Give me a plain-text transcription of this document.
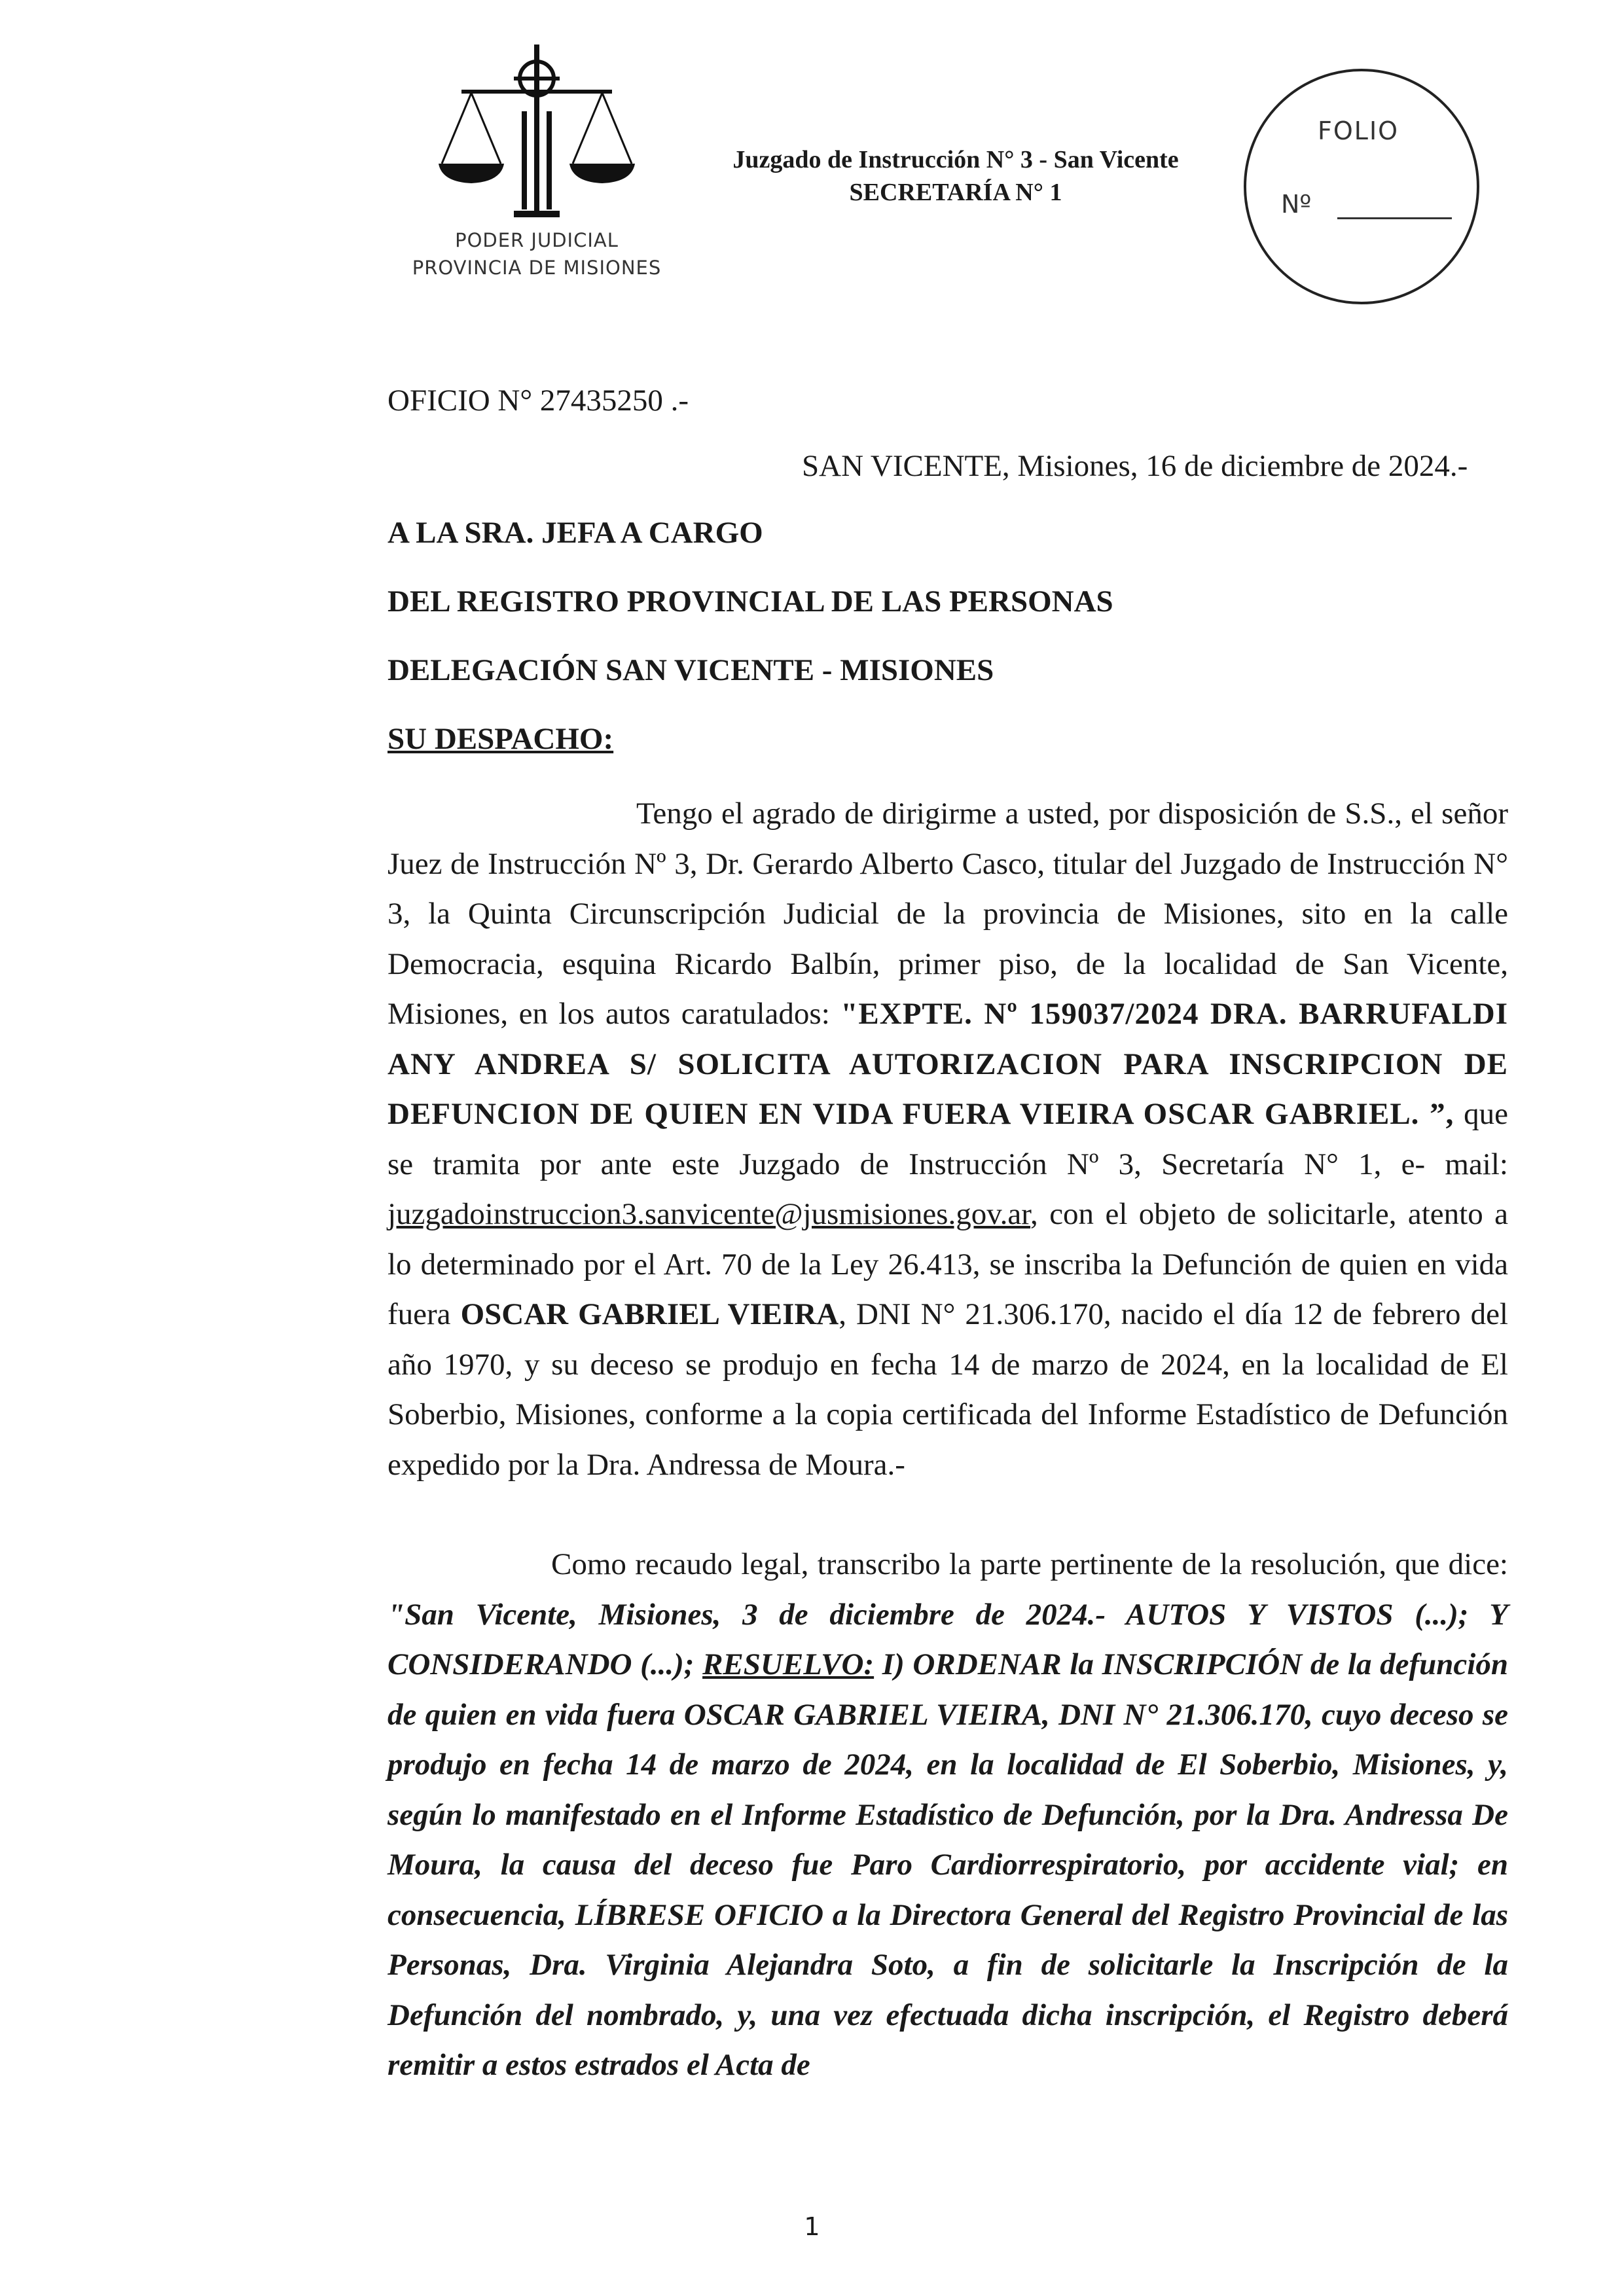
PODER JUDICIAL
PROVINCIA DE MISIONES
Juzgado de Instrucción N° 3 - San Vicente
SECRETARÍA N° 1
FOLIO
Nº
OFICIO N° 27435250 .-
SAN VICENTE, Misiones, 16 de diciembre de 2024.-
A LA SRA. JEFA A CARGO
DEL REGISTRO PROVINCIAL DE LAS PERSONAS
DELEGACIÓN SAN VICENTE - MISIONES
SU DESPACHO:

Tengo el agrado de dirigirme a usted, por disposición de S.S., el señor Juez de Instrucción Nº 3, Dr. Gerardo Alberto Casco, titular del Juzgado de Instrucción N° 3, la Quinta Circunscripción Judicial de la provincia de Misiones, sito en la calle Democracia, esquina Ricardo Balbín, primer piso, de la localidad de San Vicente, Misiones, en los autos caratulados: "EXPTE. Nº 159037/2024 DRA. BARRUFALDI ANY ANDREA S/ SOLICITA AUTORIZACION PARA INSCRIPCION DE DEFUNCION DE QUIEN EN VIDA FUERA VIEIRA OSCAR GABRIEL. ”, que se tramita por ante este Juzgado de Instrucción Nº 3, Secretaría N° 1, e- mail: juzgadoinstruccion3.sanvicente@jusmisiones.gov.ar, con el objeto de solicitarle, atento a lo determinado por el Art. 70 de la Ley 26.413, se inscriba la Defunción de quien en vida fuera OSCAR GABRIEL VIEIRA, DNI N° 21.306.170, nacido el día 12 de febrero del año 1970, y su deceso se produjo en fecha 14 de marzo de 2024, en la localidad de El Soberbio, Misiones, conforme a la copia certificada del Informe Estadístico de Defunción expedido por la Dra. Andressa de Moura.-

Como recaudo legal, transcribo la parte pertinente de la resolución, que dice: "San Vicente, Misiones, 3 de diciembre de 2024.- AUTOS Y VISTOS (...); Y CONSIDERANDO (...); RESUELVO: I) ORDENAR la INSCRIPCIÓN de la defunción de quien en vida fuera OSCAR GABRIEL VIEIRA, DNI N° 21.306.170, cuyo deceso se produjo en fecha 14 de marzo de 2024, en la localidad de El Soberbio, Misiones, y, según lo manifestado en el Informe Estadístico de Defunción, por la Dra. Andressa De Moura, la causa del deceso fue Paro Cardiorrespiratorio, por accidente vial; en consecuencia, LÍBRESE OFICIO a la Directora General del Registro Provincial de las Personas, Dra. Virginia Alejandra Soto, a fin de solicitarle la Inscripción de la Defunción del nombrado, y, una vez efectuada dicha inscripción, el Registro deberá remitir a estos estrados el Acta de

1
